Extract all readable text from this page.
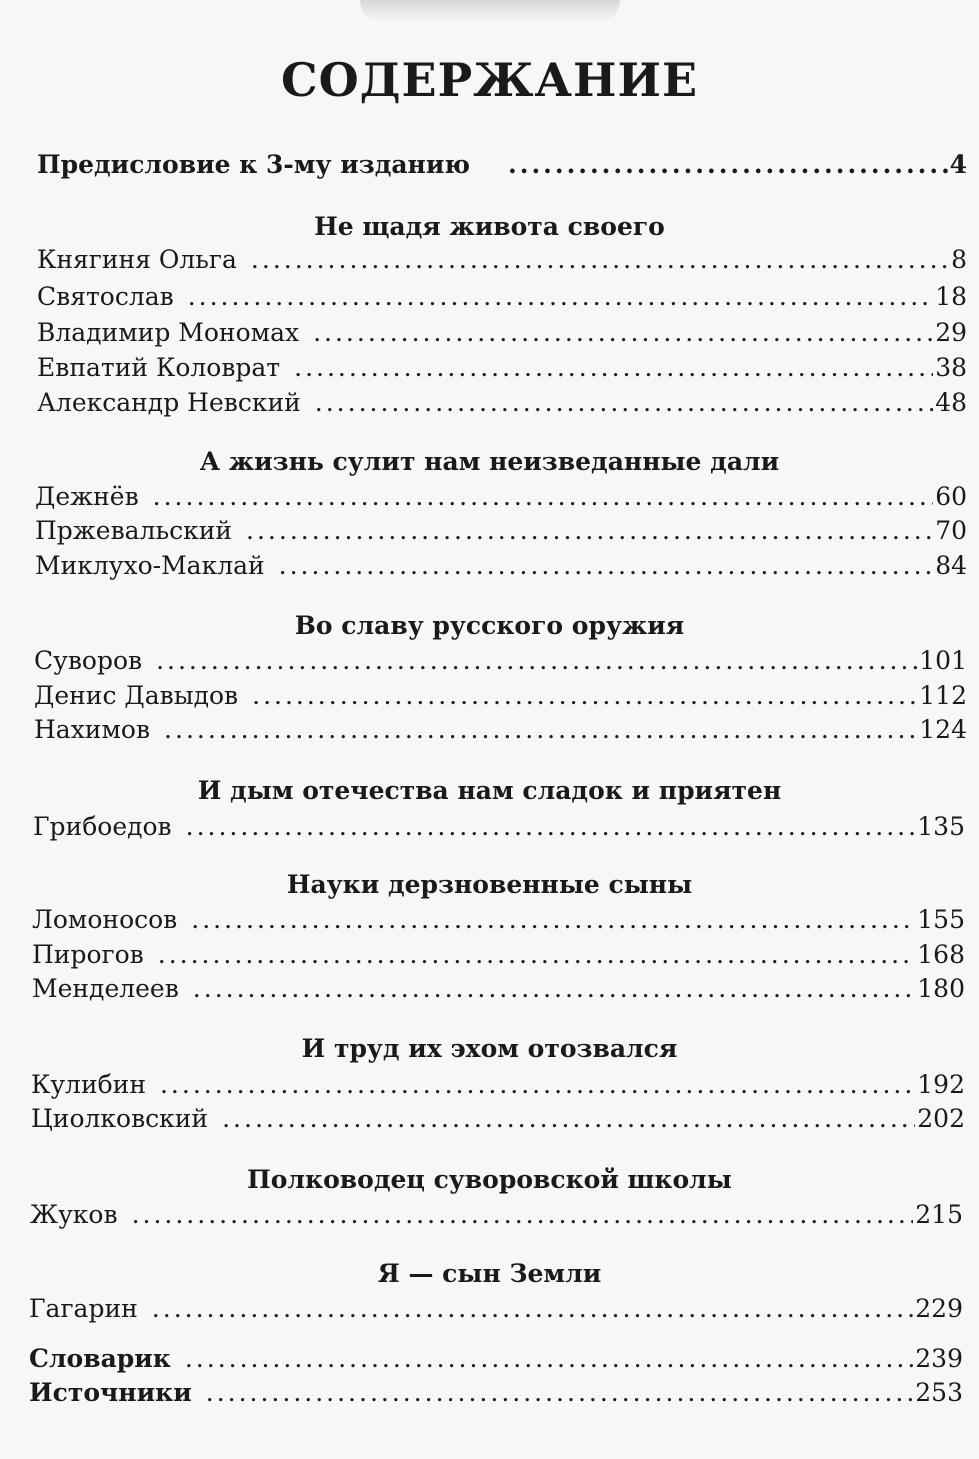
СОДЕРЖАНИЕ
Предисловие к 3-му изданию .....	4
Не щадя живота своего
Княгиня Ольга .....	8
Святослав .....	18
Владимир Мономах .....	29
Евпатий Коловрат .....	38
Александр Невский .....	48
А жизнь сулит нам неизведанные дали
Дежнёв .....	60
Пржевальский .....	70
Миклухо-Маклай .....	84
Во славу русского оружия
Суворов .....	101
Денис Давыдов .....	112
Нахимов .....	124
И дым отечества нам сладок и приятен
Грибоедов .....	135
Науки дерзновенные сыны
Ломоносов .....	155
Пирогов .....	168
Менделеев .....	180
И труд их эхом отозвался
Кулибин .....	192
Циолковский .....	202
Полководец суворовской школы
Жуков .....	215
Я — сын Земли
Гагарин .....	229
Словарик .....	239
Источники .....	253
